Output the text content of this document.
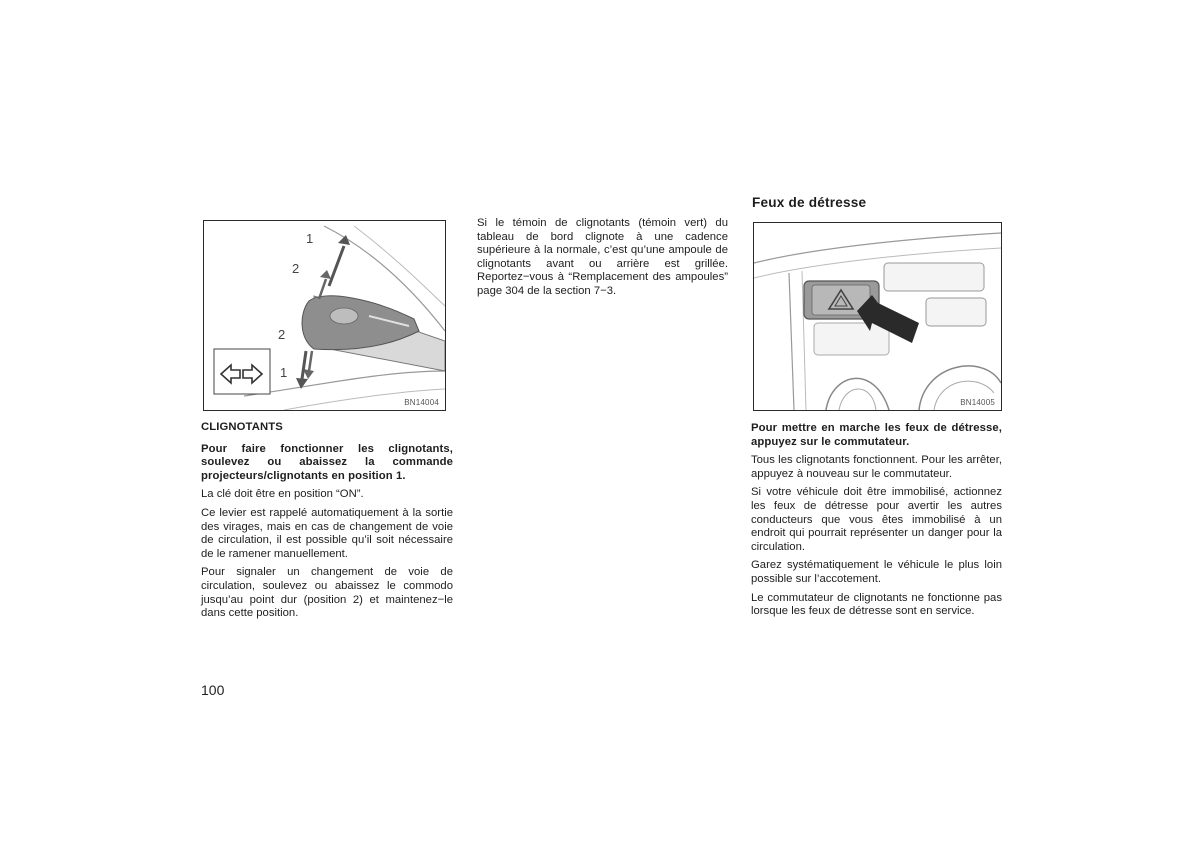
1
2
2
1
BN14004

CLIGNOTANTS

Pour faire fonctionner les clignotants, soulevez ou abaissez la commande projecteurs/clignotants en position 1.

La clé doit être en position “ON”.

Ce levier est rappelé automatiquement à la sortie des virages, mais en cas de changement de voie de circulation, il est possible qu’il soit nécessaire de le ramener manuellement.

Pour signaler un changement de voie de circulation, soulevez ou abaissez le commodo jusqu’au point dur (position 2) et maintenez−le dans cette position.

Si le témoin de clignotants (témoin vert) du tableau de bord clignote à une cadence supérieure à la normale, c’est qu’une ampoule de clignotants avant ou arrière est grillée. Reportez−vous à “Remplacement des ampoules” page 304 de la section 7−3.

Feux de détresse
BN14005

Pour mettre en marche les feux de détresse, appuyez sur le commutateur.

Tous les clignotants fonctionnent. Pour les arrêter, appuyez à nouveau sur le commutateur.

Si votre véhicule doit être immobilisé, actionnez les feux de détresse pour avertir les autres conducteurs que vous êtes immobilisé à un endroit qui pourrait représenter un danger pour la circulation.

Garez systématiquement le véhicule le plus loin possible sur l’accotement.

Le commutateur de clignotants ne fonctionne pas lorsque les feux de détresse sont en service.

100
